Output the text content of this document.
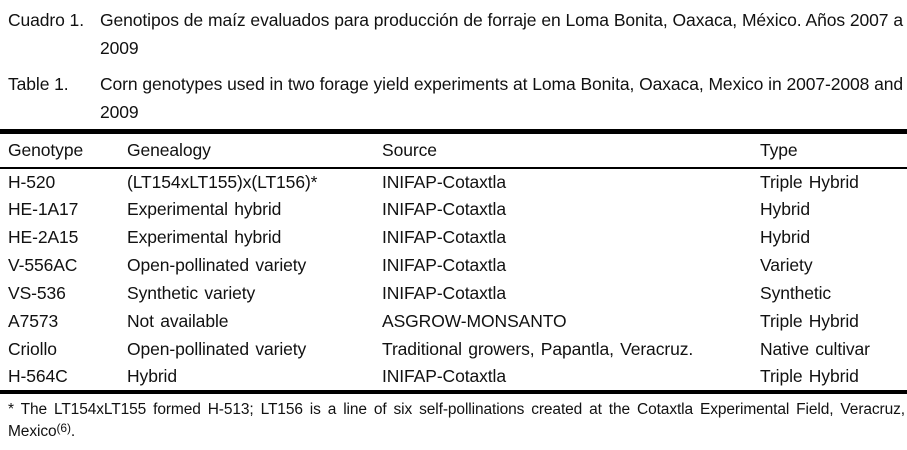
Cuadro 1. Genotipos de maíz evaluados para producción de forraje en Loma Bonita, Oaxaca, México. Años 2007 a 2009
Table 1. Corn genotypes used in two forage yield experiments at Loma Bonita, Oaxaca, Mexico in 2007-2008 and 2009
Genotype	Genealogy	Source	Type
H-520	(LT154xLT155)x(LT156)*	INIFAP-Cotaxtla	Triple Hybrid
HE-1A17	Experimental hybrid	INIFAP-Cotaxtla	Hybrid
HE-2A15	Experimental hybrid	INIFAP-Cotaxtla	Hybrid
V-556AC	Open-pollinated variety	INIFAP-Cotaxtla	Variety
VS-536	Synthetic variety	INIFAP-Cotaxtla	Synthetic
A7573	Not available	ASGROW-MONSANTO	Triple Hybrid
Criollo	Open-pollinated variety	Traditional growers, Papantla, Veracruz.	Native cultivar
H-564C	Hybrid	INIFAP-Cotaxtla	Triple Hybrid
* The LT154xLT155 formed H-513; LT156 is a line of six self-pollinations created at the Cotaxtla Experimental Field, Veracruz, Mexico$^{(6)}$.
